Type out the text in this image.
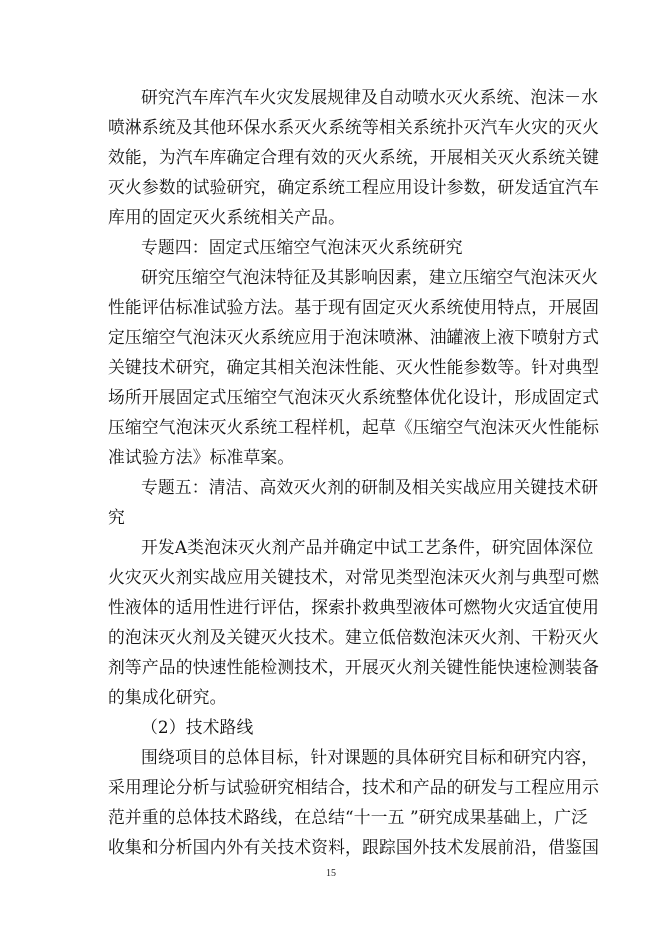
研究汽车库汽车火灾发展规律及自动喷水灭火系统、泡沫－水
喷淋系统及其他环保水系灭火系统等相关系统扑灭汽车火灾的灭火
效能，为汽车库确定合理有效的灭火系统，开展相关灭火系统关键
灭火参数的试验研究，确定系统工程应用设计参数，研发适宜汽车
库用的固定灭火系统相关产品。

专题四：固定式压缩空气泡沫灭火系统研究

研究压缩空气泡沫特征及其影响因素，建立压缩空气泡沫灭火
性能评估标准试验方法。基于现有固定灭火系统使用特点，开展固
定压缩空气泡沫灭火系统应用于泡沫喷淋、油罐液上液下喷射方式
关键技术研究，确定其相关泡沫性能、灭火性能参数等。针对典型
场所开展固定式压缩空气泡沫灭火系统整体优化设计，形成固定式
压缩空气泡沫灭火系统工程样机，起草《压缩空气泡沫灭火性能标
准试验方法》标准草案。

专题五：清洁、高效灭火剂的研制及相关实战应用关键技术研
究

开发A类泡沫灭火剂产品并确定中试工艺条件，研究固体深位
火灾灭火剂实战应用关键技术，对常见类型泡沫灭火剂与典型可燃
性液体的适用性进行评估，探索扑救典型液体可燃物火灾适宜使用
的泡沫灭火剂及关键灭火技术。建立低倍数泡沫灭火剂、干粉灭火
剂等产品的快速性能检测技术，开展灭火剂关键性能快速检测装备
的集成化研究。

（2）技术路线

围绕项目的总体目标，针对课题的具体研究目标和研究内容，
采用理论分析与试验研究相结合，技术和产品的研发与工程应用示
范并重的总体技术路线，在总结“十一五 ”研究成果基础上，广泛
收集和分析国内外有关技术资料，跟踪国外技术发展前沿，借鉴国

15
